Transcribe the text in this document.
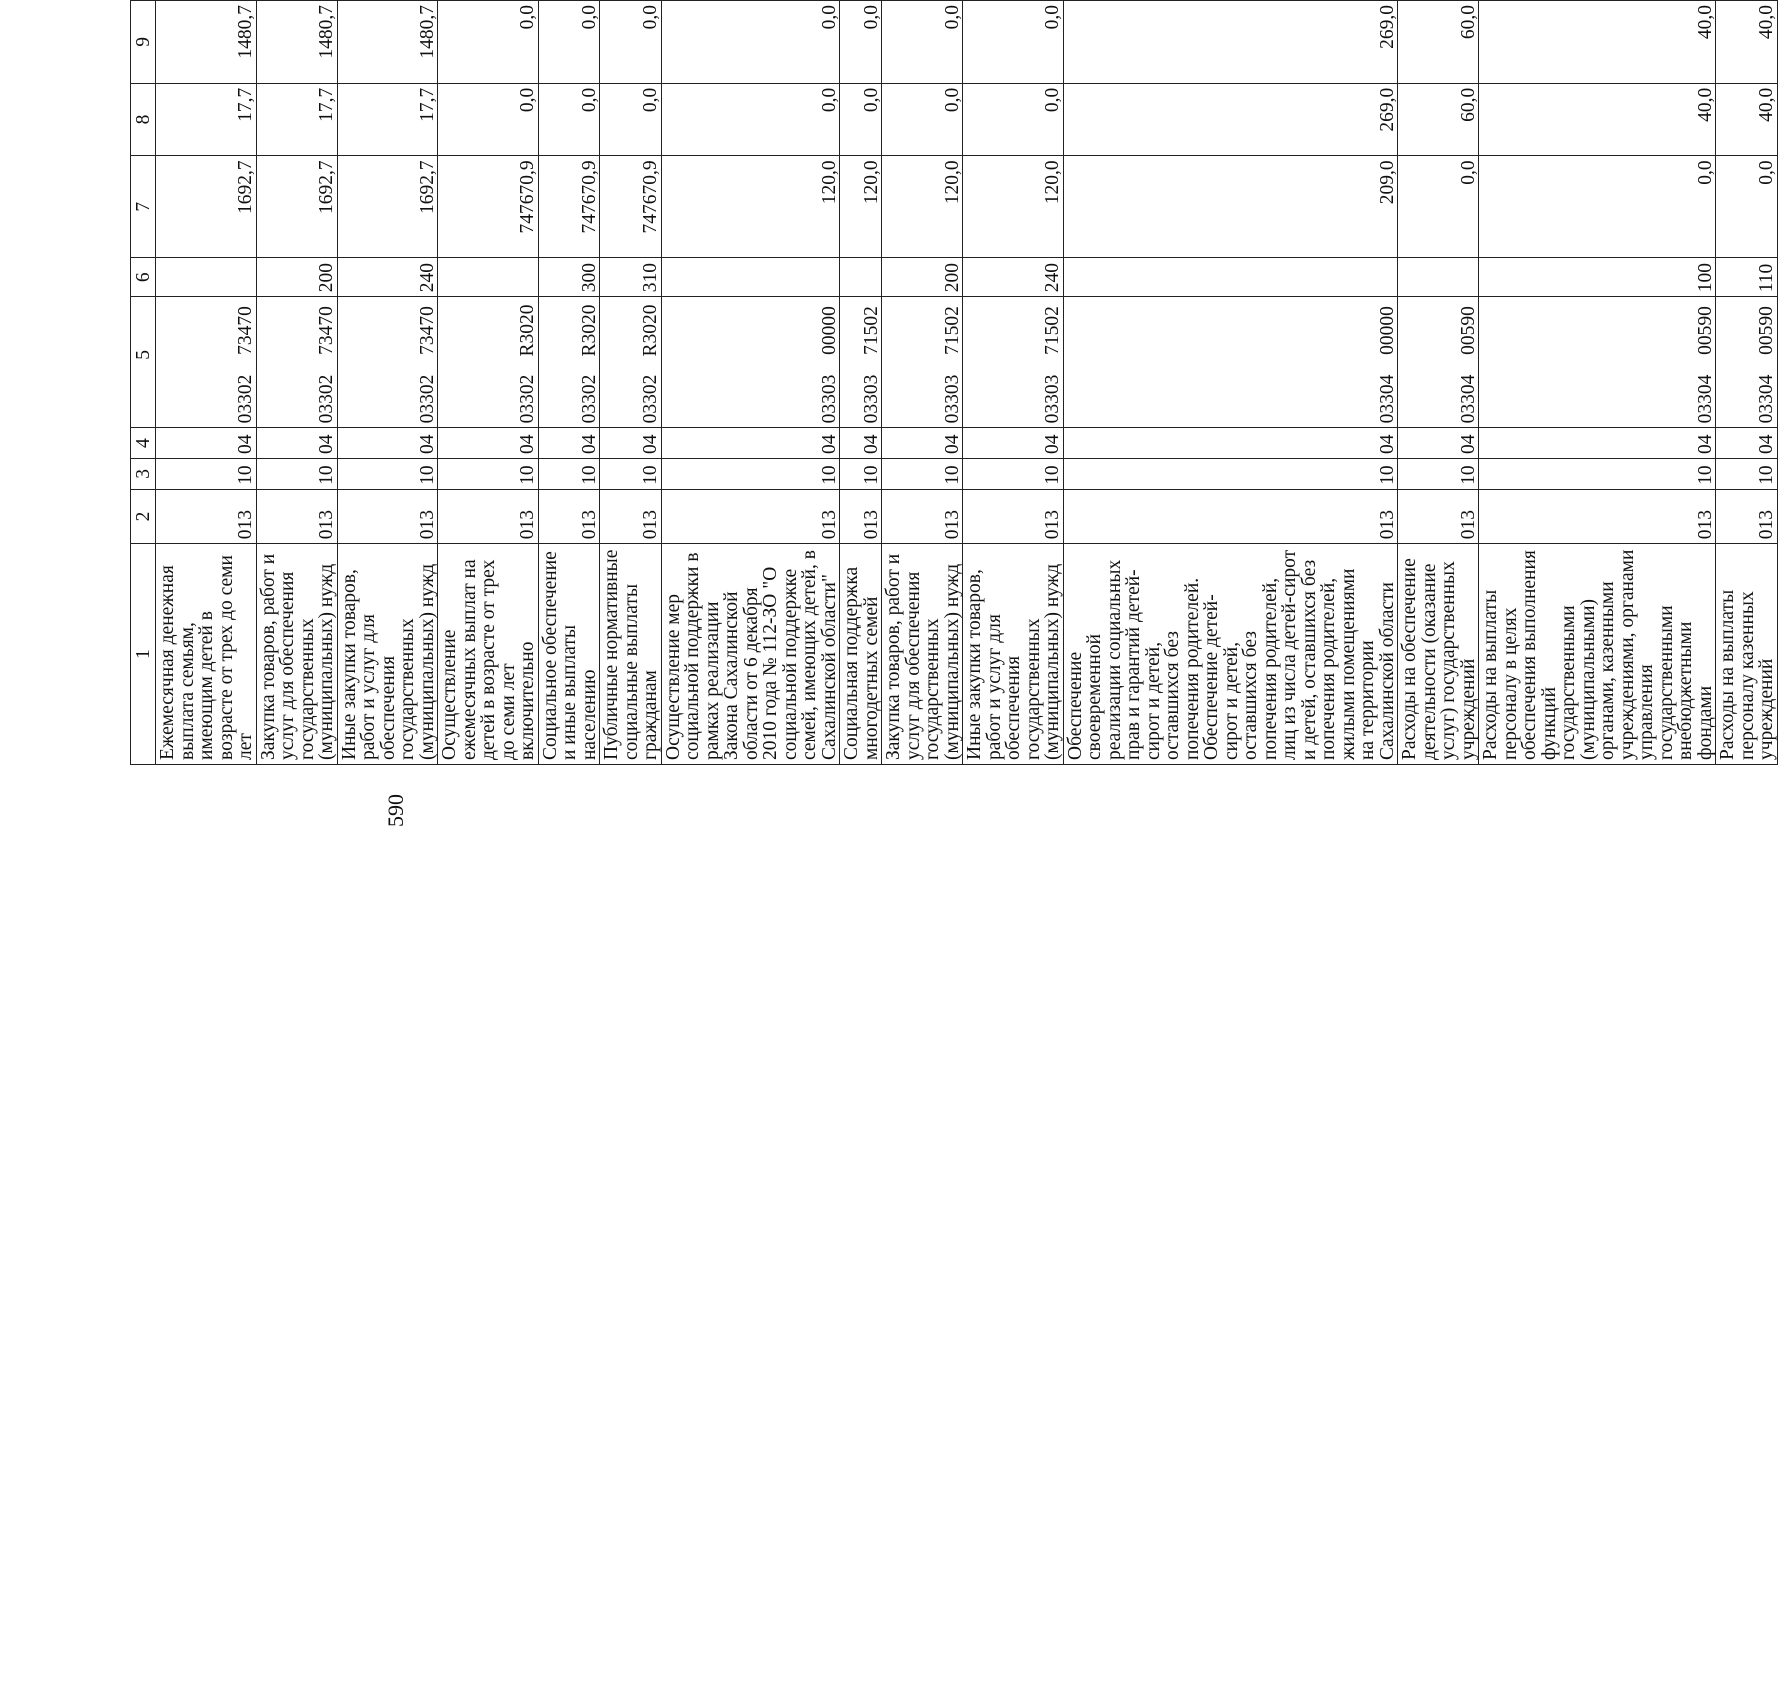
590
1	2	3	4		5	6	7	8	9
Ежемесячная денежная выплата семьям, имеющим детей в возрасте от трех до семи лет	013	10	04	03302	73470		1692,7	17,7	1480,7
Закупка товаров, работ и услуг для обеспечения государственных (муниципальных) нужд	013	10	04	03302	73470	200	1692,7	17,7	1480,7
Иные закупки товаров, работ и услуг для обеспечения государственных (муниципальных) нужд	013	10	04	03302	73470	240	1692,7	17,7	1480,7
Осуществление ежемесячных выплат на детей в возрасте от трех до семи лет включительно	013	10	04	03302	R3020		747670,9	0,0	0,0
Социальное обеспечение и иные выплаты населению	013	10	04	03302	R3020	300	747670,9	0,0	0,0
Публичные нормативные социальные выплаты гражданам	013	10	04	03302	R3020	310	747670,9	0,0	0,0
Осуществление мер социальной поддержки в рамках реализации Закона Сахалинской области от 6 декабря 2010 года № 112-ЗО "О социальной поддержке семей, имеющих детей, в Сахалинской области"	013	10	04	03303	00000		120,0	0,0	0,0
Социальная поддержка многодетных семей	013	10	04	03303	71502		120,0	0,0	0,0
Закупка товаров, работ и услуг для обеспечения государственных (муниципальных) нужд	013	10	04	03303	71502	200	120,0	0,0	0,0
Иные закупки товаров, работ и услуг для обеспечения государственных (муниципальных) нужд	013	10	04	03303	71502	240	120,0	0,0	0,0
Обеспечение своевременной реализации социальных прав и гарантий детей-сирот и детей, оставшихся без попечения родителей. Обеспечение детей-сирот и детей, оставшихся без попечения родителей, лиц из числа детей-сирот и детей, оставшихся без попечения родителей, жилыми помещениями на территории Сахалинской области	013	10	04	03304	00000		209,0	269,0	269,0
Расходы на обеспечение деятельности (оказание услуг) государственных учреждений	013	10	04	03304	00590		0,0	60,0	60,0
Расходы на выплаты персоналу в целях обеспечения выполнения функций государственными (муниципальными) органами, казенными учреждениями, органами управления государственными внебюджетными фондами	013	10	04	03304	00590	100	0,0	40,0	40,0
Расходы на выплаты персоналу казенных учреждений	013	10	04	03304	00590	110	0,0	40,0	40,0
